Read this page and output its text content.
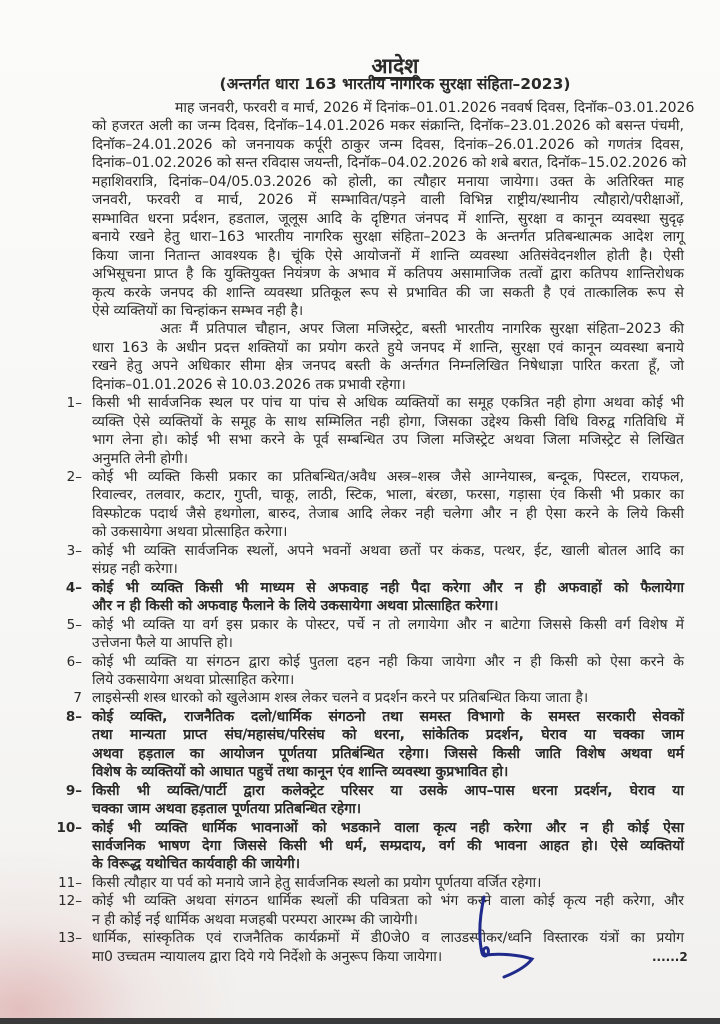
आदेश
(अन्तर्गत धारा 163 भारतीय नागरिक सुरक्षा संहिता–2023)
माह जनवरी, फरवरी व मार्च, 2026 में दिनांक–01.01.2026 नववर्ष दिवस, दिनॉक–03.01.2026
को हजरत अली का जन्म दिवस, दिनॉक–14.01.2026 मकर संक्रान्ति, दिनॉक–23.01.2026 को बसन्त पंचमी,
दिनॉक–24.01.2026 को जननायक कर्पूरी ठाकुर जन्म दिवस, दिनांक–26.01.2026 को गणतंत्र दिवस,
दिनांक–01.02.2026 को सन्त रविदास जयन्ती, दिनॉक–04.02.2026 को शबे बरात, दिनॉक–15.02.2026 को
महाशिवरात्रि, दिनांक–04/05.03.2026 को होली, का त्यौहार मनाया जायेगा। उक्त के अतिरिक्त माह
जनवरी, फरवरी व मार्च, 2026 में सम्भावित/पड़ने वाली विभिन्न राष्ट्रीय/स्थानीय त्यौहारो/परीक्षाओं,
सम्भावित धरना प्रर्दशन, हडताल, जूलूस आदि के दृष्टिगत जंनपद में शान्ति, सुरक्षा व कानून व्यवस्था सुदृढ़
बनाये रखने हेतु धारा–163 भारतीय नागरिक सुरक्षा संहिता–2023 के अन्तर्गत प्रतिबन्धात्मक आदेश लागू
किया जाना नितान्त आवश्यक है। चूंकि ऐसे आयोजनों में शान्ति व्यवस्था अतिसंवेदनशील होती है। ऐसी
अभिसूचना प्राप्त है कि युक्तियुक्त नियंत्रण के अभाव में कतिपय असामाजिक तत्वों द्वारा कतिपय शान्तिरोधक
कृत्य करके जनपद की शान्ति व्यवस्था प्रतिकूल रूप से प्रभावित की जा सकती है एवं तात्कालिक रूप से
ऐसे व्यक्तियों का चिन्हांकन सम्भव नही है।
अतः मैं प्रतिपाल चौहान, अपर जिला मजिस्ट्रेट, बस्ती भारतीय नागरिक सुरक्षा संहिता–2023 की
धारा 163 के अधीन प्रदत्त शक्तियों का प्रयोग करते हुये जनपद में शान्ति, सुरक्षा एवं कानून व्यवस्था बनाये
रखने हेतु अपने अधिकार सीमा क्षेत्र जनपद बस्ती के अर्न्तगत निम्नलिखित निषेधाज्ञा पारित करता हूँ, जो
दिनांक–01.01.2026 से 10.03.2026 तक प्रभावी रहेगा।
1– किसी भी सार्वजनिक स्थल पर पांच या पांच से अधिक व्यक्तियों का समूह एकत्रित नही होगा अथवा कोई भी
व्यक्ति ऐसे व्यक्तियों के समूह के साथ सम्मिलित नही होगा, जिसका उद्देश्य किसी विधि विरुद्व गतिविधि में
भाग लेना हो। कोई भी सभा करने के पूर्व सम्बन्धित उप जिला मजिस्ट्रेट अथवा जिला मजिस्ट्रेट से लिखित
अनुमति लेनी होगी।
2– कोई भी व्यक्ति किसी प्रकार का प्रतिबन्धित/अवैध अस्त्र–शस्त्र जैसे आग्नेयास्त्र, बन्दूक, पिस्टल, रायफल,
रिवाल्वर, तलवार, कटार, गुप्ती, चाकू, लाठी, स्टिक, भाला, बंरछा, फरसा, गड़ासा एंव किसी भी प्रकार का
विस्फोटक पदार्थ जैसे हथगोला, बारुद, तेजाब आदि लेकर नही चलेगा और न ही ऐसा करने के लिये किसी
को उकसायेगा अथवा प्रोत्साहित करेगा।
3– कोई भी व्यक्ति सार्वजनिक स्थलों, अपने भवनों अथवा छतों पर कंकड, पत्थर, ईट, खाली बोतल आदि का
संग्रह नही करेगा।
4– कोई भी व्यक्ति किसी भी माध्यम से अफवाह नही पैदा करेगा और न ही अफवाहों को फैलायेगा
और न ही किसी को अफवाह फैलाने के लिये उकसायेगा अथवा प्रोत्साहित करेगा।
5– कोई भी व्यक्ति या वर्ग इस प्रकार के पोस्टर, पर्चे न तो लगायेगा और न बाटेगा जिससे किसी वर्ग विशेष में
उत्तेजना फैले या आपत्ति हो।
6– कोई भी व्यक्ति या संगठन द्वारा कोई पुतला दहन नही किया जायेगा और न ही किसी को ऐसा करने के
लिये उकसायेगा अथवा प्रोत्साहित करेगा।
7 लाइसेन्सी शस्त्र धारको को खुलेआम शस्त्र लेकर चलने व प्रदर्शन करने पर प्रतिबन्धित किया जाता है।
8– कोई व्यक्ति, राजनैतिक दलो/धार्मिक संगठनो तथा समस्त विभागो के समस्त सरकारी सेवकों
तथा मान्यता प्राप्त संघ/महासंघ/परिसंघ को धरना, सांकेतिक प्रदर्शन, घेराव या चक्का जाम
अथवा हड़ताल का आयोजन पूर्णतया प्रतिबंन्धित रहेगा। जिससे किसी जाति विशेष अथवा धर्म
विशेष के व्यक्तियों को आघात पहुचें तथा कानून एंव शान्ति व्यवस्था कुप्रभावित हो।
9– किसी भी व्यक्ति/पार्टी द्वारा कलेक्ट्रेट परिसर या उसके आप–पास धरना प्रदर्शन, घेराव या
चक्का जाम अथवा हड़ताल पूर्णतया प्रतिबन्धित रहेगा।
10– कोई भी व्यक्ति धार्मिक भावनाओं को भडकाने वाला कृत्य नही करेगा और न ही कोई ऐसा
सार्वजनिक भाषण देगा जिससे किसी भी धर्म, सम्प्रदाय, वर्ग की भावना आहत हो। ऐसे व्यक्तियों
के विरूद्ध यथोचित कार्यवाही की जायेगी।
11– किसी त्यौहार या पर्व को मनाये जाने हेतु सार्वजनिक स्थलो का प्रयोग पूर्णतया वर्जित रहेगा।
12– कोई भी व्यक्ति अथवा संगठन धार्मिक स्थलों की पवित्रता को भंग करने वाला कोई कृत्य नही करेगा, और
न ही कोई नई धार्मिक अथवा मजहबी परम्परा आरम्भ की जायेगी।
13– धार्मिक, सांस्कृतिक एवं राजनैतिक कार्यक्रमों में डी0जे0 व लाउडस्पीकर/ध्वनि विस्तारक यंत्रों का प्रयोग
मा0 उच्चतम न्यायालय द्वारा दिये गये निर्देशो के अनुरूप किया जायेगा।	......2
